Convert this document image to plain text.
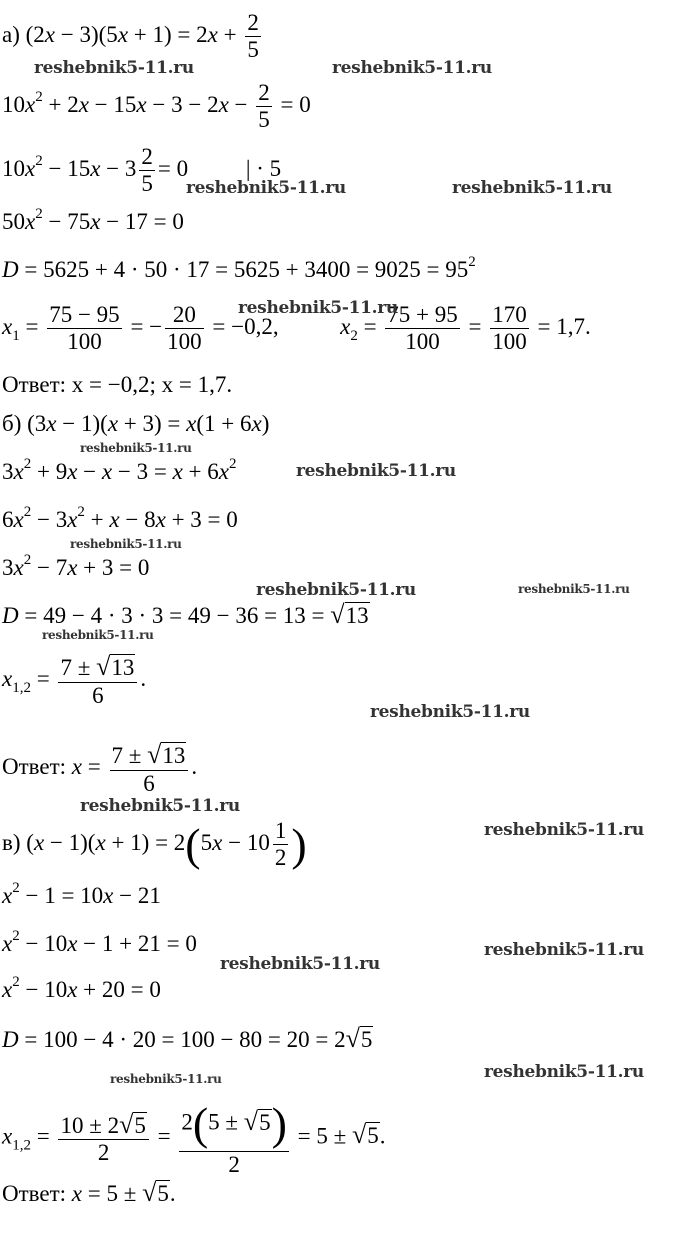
а) $(2x - 3)(5x + 1) = 2x + \frac{2}{5}$
$10x^2 + 2x - 15x - 3 - 2x - \frac{2}{5} = 0$
$10x^2 - 15x - 3 \frac{2}{5} = 0$ | · 5
$50x^2 - 75x - 17 = 0$
$D = 5625 + 4 \cdot 50 \cdot 17 = 5625 + 3400 = 9025 = 95^2$
$x_1 = \frac{75 - 95}{100}$ = − $\frac{20}{100} = -0,2$,  $x_2 = \frac{75 + 95}{100} = \frac{170}{100} = 1,7$.
Ответ: x = −0,2; x = 1,7.
б) (3x − 1)(x + 3) = x(1 + 6x)
$3x^2 + 9x - x - 3 = x + 6x^2$
$6x^2 - 3x^2 + x - 8x + 3 = 0$
$3x^2 - 7x + 3 = 0$
D = 49 − 4 · 3 · 3 = 49 − 36 = 13 = √13
$x_{1,2} = \frac{7 \pm √13}{6}$ .
Ответ: $x = \frac{7 \pm √13}{6}$ .
в) $(x - 1)(x + 1) = 2(5x - 10 \frac{1}{2}$ )
$x^2 - 1 = 10x - 21$
$x^2 - 10x - 1 + 21 = 0$
$x^2 - 10x + 20 = 0$
D = 100 − 4 · 20 = 100 − 80 = 20 = 2√5
$x_{1,2} = \frac{10 \pm 2√5}{2} = \frac{2(5 \pm √5)}{2} = 5 \pm √5$.
Ответ: x = 5 ± √5.
reshebnik5-11.ru	reshebnik5-11.ru
reshebnik5-11.ru	reshebnik5-11.ru
reshebnik5-11.ru
reshebnik5-11.ru
reshebnik5-11.ru
reshebnik5-11.ru
reshebnik5-11.ru	reshebnik5-11.ru
reshebnik5-11.ru
reshebnik5-11.ru
reshebnik5-11.ru
reshebnik5-11.ru
reshebnik5-11.ru
reshebnik5-11.ru
reshebnik5-11.ru
reshebnik5-11.ru
